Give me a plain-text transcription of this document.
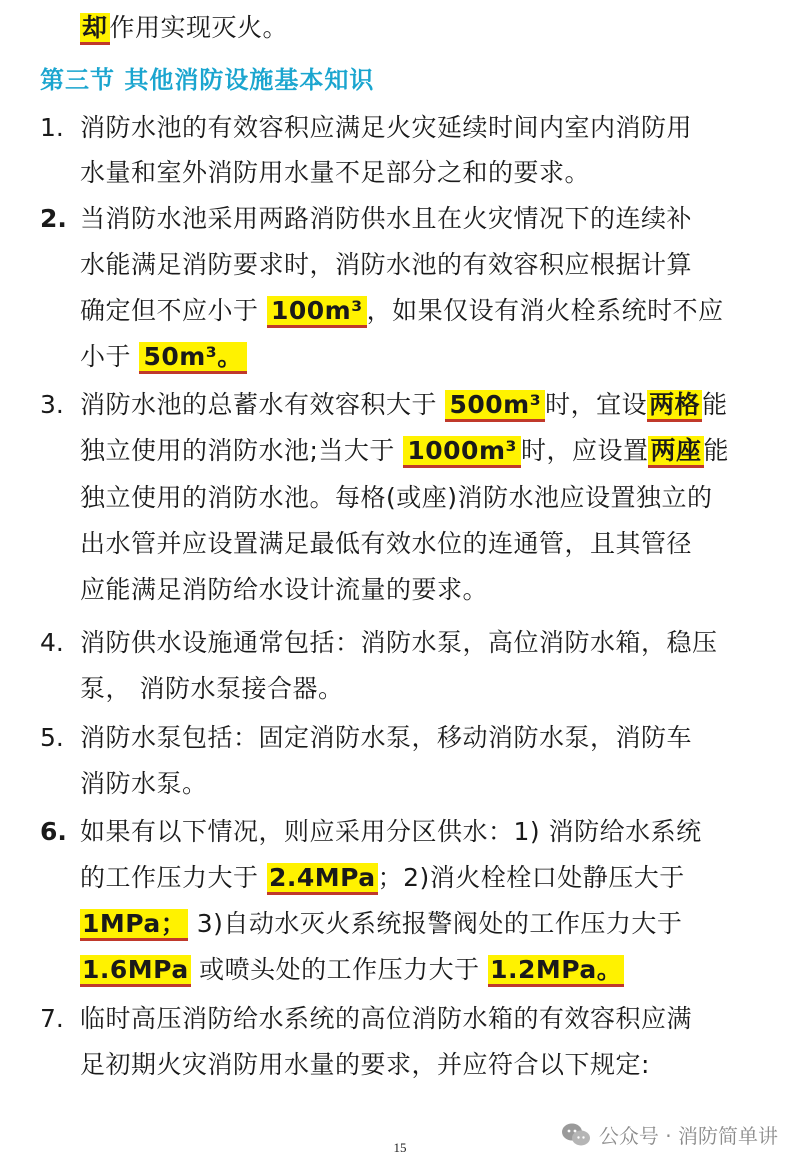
却作用实现灭火。
第三节 其他消防设施基本知识
1. 消防水池的有效容积应满足火灾延续时间内室内消防用
水量和室外消防用水量不足部分之和的要求。
2. 当消防水池采用两路消防供水且在火灾情况下的连续补
水能满足消防要求时，消防水池的有效容积应根据计算
确定但不应小于 100m³ ，如果仅设有消火栓系统时不应
小于 50m³。
3. 消防水池的总蓄水有效容积大于 500m³ 时，宜设两格能
独立使用的消防水池;当大于 1000m³ 时，应设置两座能
独立使用的消防水池。每格(或座)消防水池应设置独立的
出水管并应设置满足最低有效水位的连通管，且其管径
应能满足消防给水设计流量的要求。
4. 消防供水设施通常包括：消防水泵，高位消防水箱，稳压
泵， 消防水泵接合器。
5. 消防水泵包括：固定消防水泵，移动消防水泵，消防车
消防水泵。
6. 如果有以下情况，则应采用分区供水：1) 消防给水系统
的工作压力大于 2.4MPa；2)消火栓栓口处静压大于
1MPa； 3)自动水灭火系统报警阀处的工作压力大于
1.6MPa 或喷头处的工作压力大于 1.2MPa。
7. 临时高压消防给水系统的高位消防水箱的有效容积应满
足初期火灾消防用水量的要求，并应符合以下规定:
公众号 · 消防简单讲
15
